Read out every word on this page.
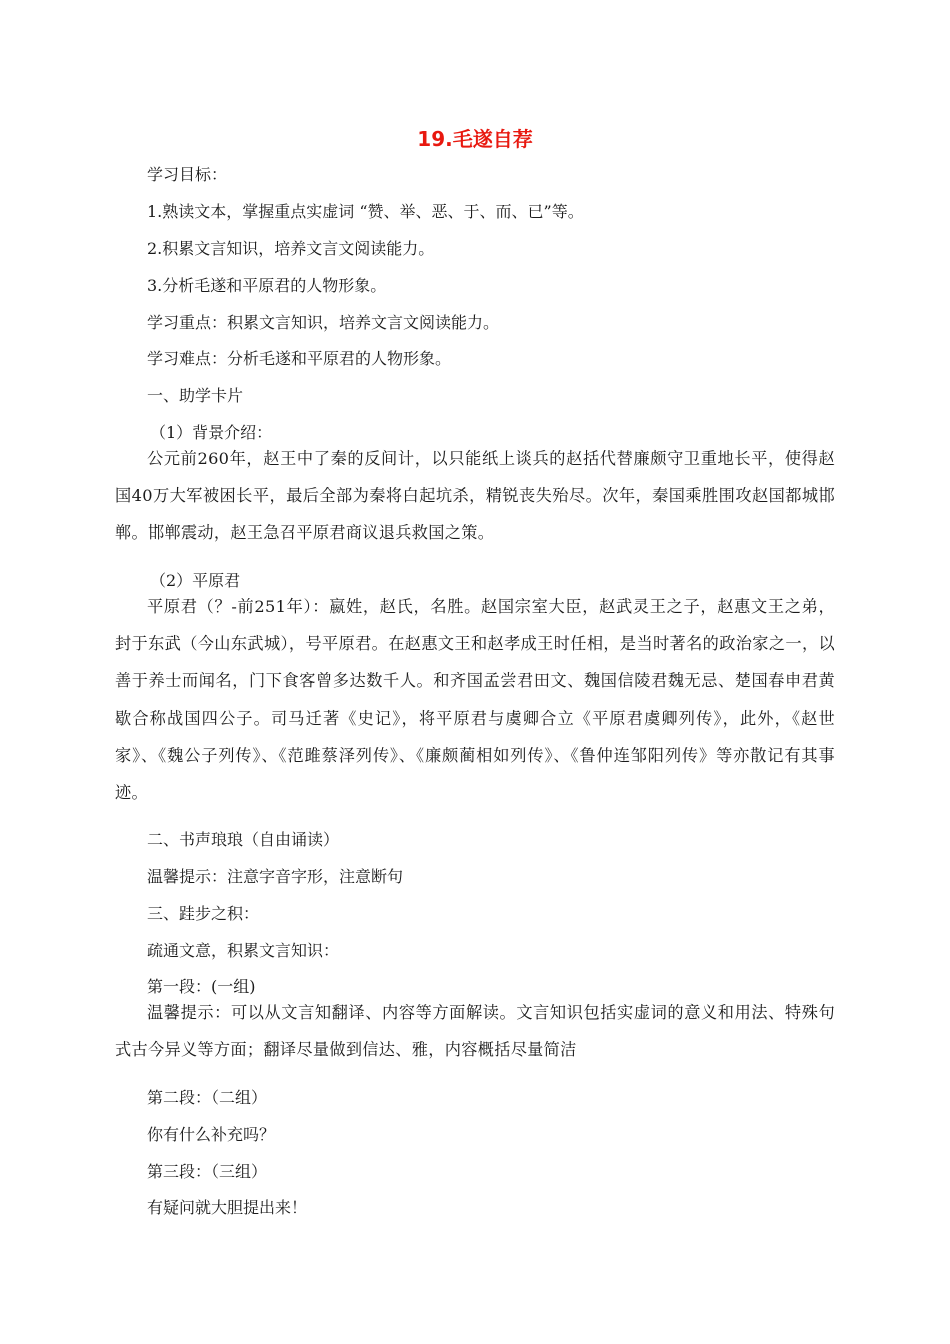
19.毛遂自荐
学习目标：
1.熟读文本，掌握重点实虚词 “赞、举、恶、于、而、已”等。
2.积累文言知识，培养文言文阅读能力。
3.分析毛遂和平原君的人物形象。
学习重点：积累文言知识，培养文言文阅读能力。
学习难点：分析毛遂和平原君的人物形象。
一、助学卡片
（1）背景介绍：
公元前260年，赵王中了秦的反间计，以只能纸上谈兵的赵括代替廉颇守卫重地长平，使得赵国40万大军被困长平，最后全部为秦将白起坑杀，精锐丧失殆尽。次年，秦国乘胜围攻赵国都城邯郸。邯郸震动，赵王急召平原君商议退兵救国之策。
（2）平原君
平原君（？-前251年）：嬴姓，赵氏，名胜。赵国宗室大臣，赵武灵王之子，赵惠文王之弟，封于东武（今山东武城），号平原君。在赵惠文王和赵孝成王时任相，是当时著名的政治家之一，以善于养士而闻名，门下食客曾多达数千人。和齐国孟尝君田文、魏国信陵君魏无忌、楚国春申君黄歇合称战国四公子。司马迁著《史记》，将平原君与虞卿合立《平原君虞卿列传》，此外，《赵世家》、《魏公子列传》、《范雎蔡泽列传》、《廉颇蔺相如列传》、《鲁仲连邹阳列传》等亦散记有其事迹。
二、书声琅琅（自由诵读）
温馨提示：注意字音字形，注意断句
三、跬步之积：
疏通文意，积累文言知识：
第一段：(一组)
温馨提示：可以从文言知翻译、内容等方面解读。文言知识包括实虚词的意义和用法、特殊句式古今异义等方面；翻译尽量做到信达、雅，内容概括尽量简洁
第二段：（二组）
你有什么补充吗？
第三段：（三组）
有疑问就大胆提出来！
